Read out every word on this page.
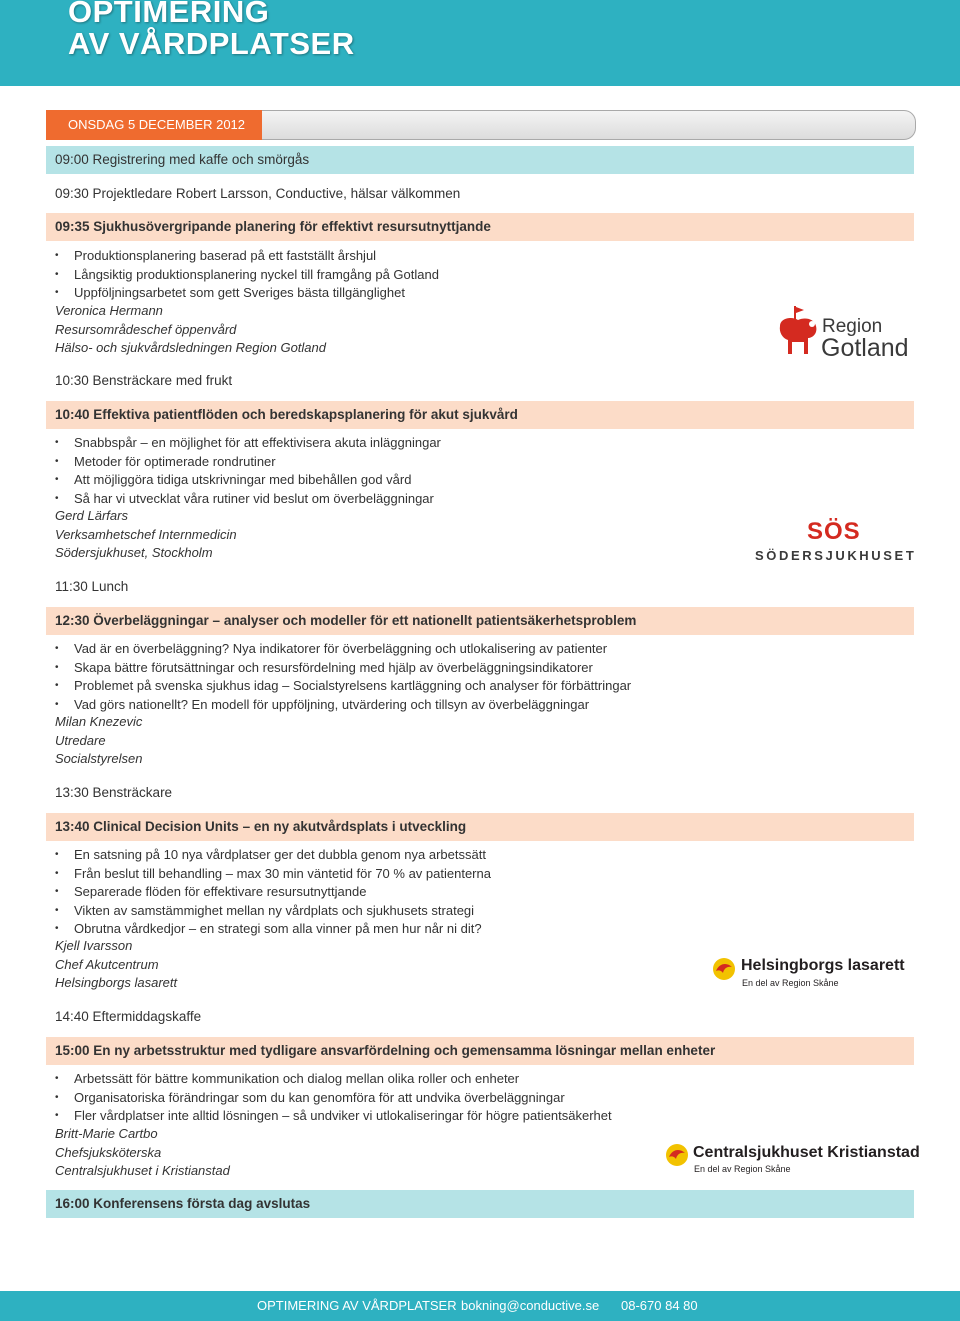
OPTIMERING
AV VÅRDPLATSER
ONSDAG 5 DECEMBER 2012
09:00 Registrering med kaffe och smörgås
09:30 Projektledare Robert Larsson, Conductive, hälsar välkommen
09:35 Sjukhusövergripande planering för effektivt resursutnyttjande
• Produktionsplanering baserad på ett fastställt årshjul
• Långsiktig produktionsplanering nyckel till framgång på Gotland
• Uppföljningsarbetet som gett Sveriges bästa tillgänglighet
Veronica Hermann
Resursområdeschef öppenvård
Hälso- och sjukvårdsledningen Region Gotland
10:30 Bensträckare med frukt
10:40 Effektiva patientflöden och beredskapsplanering för akut sjukvård
• Snabbspår – en möjlighet för att effektivisera akuta inläggningar
• Metoder för optimerade rondrutiner
• Att möjliggöra tidiga utskrivningar med bibehållen god vård
• Så har vi utvecklat våra rutiner vid beslut om överbeläggningar
Gerd Lärfars
Verksamhetschef Internmedicin
Södersjukhuset, Stockholm
11:30 Lunch
12:30 Överbeläggningar – analyser och modeller för ett nationellt patientsäkerhetsproblem
• Vad är en överbeläggning? Nya indikatorer för överbeläggning och utlokalisering av patienter
• Skapa bättre förutsättningar och resursfördelning med hjälp av överbeläggningsindikatorer
• Problemet på svenska sjukhus idag – Socialstyrelsens kartläggning och analyser för förbättringar
• Vad görs nationellt? En modell för uppföljning, utvärdering och tillsyn av överbeläggningar
Milan Knezevic
Utredare
Socialstyrelsen
13:30 Bensträckare
13:40 Clinical Decision Units – en ny akutvårdsplats i utveckling
• En satsning på 10 nya vårdplatser ger det dubbla genom nya arbetssätt
• Från beslut till behandling – max 30 min väntetid för 70 % av patienterna
• Separerade flöden för effektivare resursutnyttjande
• Vikten av samstämmighet mellan ny vårdplats och sjukhusets strategi
• Obrutna vårdkedjor – en strategi som alla vinner på men hur når ni dit?
Kjell Ivarsson
Chef Akutcentrum
Helsingborgs lasarett
14:40 Eftermiddagskaffe
15:00 En ny arbetsstruktur med tydligare ansvarfördelning och gemensamma lösningar mellan enheter
• Arbetssätt för bättre kommunikation och dialog mellan olika roller och enheter
• Organisatoriska förändringar som du kan genomföra för att undvika överbeläggningar
• Fler vårdplatser inte alltid lösningen – så undviker vi utlokaliseringar för högre patientsäkerhet
Britt-Marie Cartbo
Chefsjuksköterska
Centralsjukhuset i Kristianstad
16:00 Konferensens första dag avslutas
Region
Gotland
SÖS
SÖDERSJUKHUSET
Helsingborgs lasarett
En del av Region Skåne
Centralsjukhuset Kristianstad
En del av Region Skåne
OPTIMERING AV VÅRDPLATSER bokning@conductive.se 08-670 84 80
